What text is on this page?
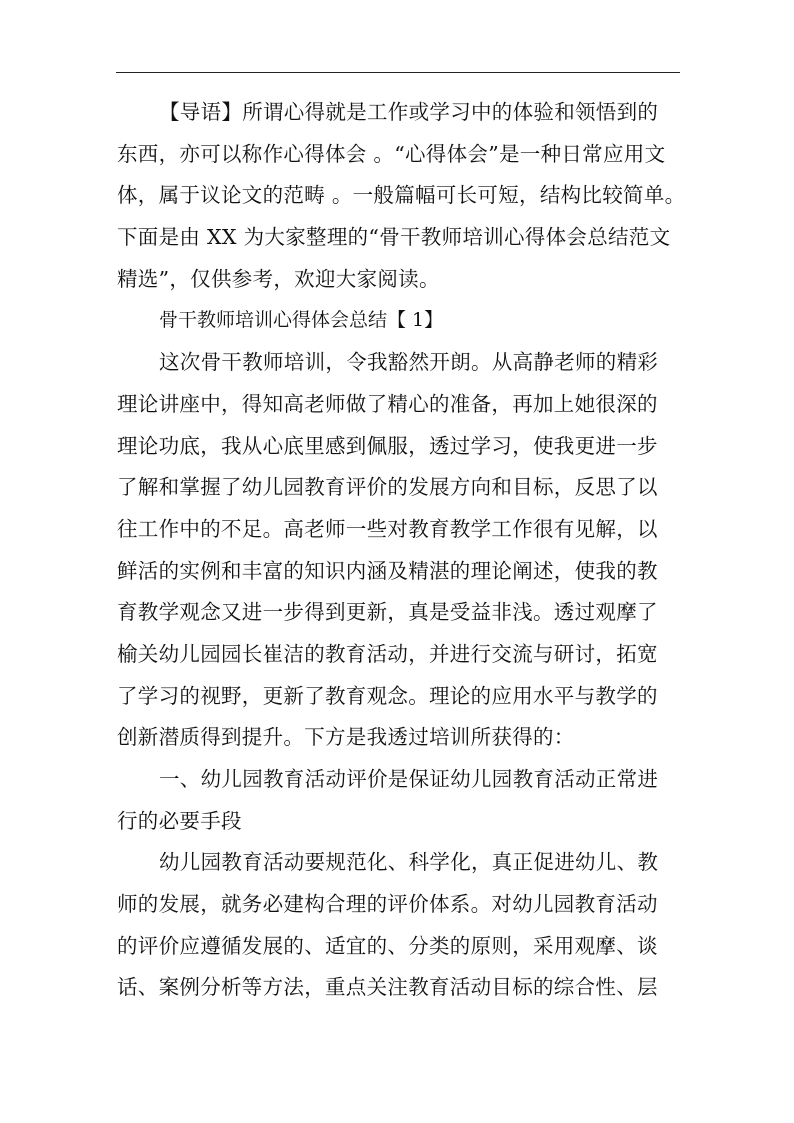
【导语】所谓心得就是工作或学习中的体验和领悟到的
东西，亦可以称作心得体会 。“心得体会”是一种日常应用文
体，属于议论文的范畴 。一般篇幅可长可短，结构比较简单。
下面是由 XX 为大家整理的“骨干教师培训心得体会总结范文
精选”，仅供参考，欢迎大家阅读。
骨干教师培训心得体会总结【 1】
这次骨干教师培训，令我豁然开朗。从高静老师的精彩
理论讲座中，得知高老师做了精心的准备，再加上她很深的
理论功底，我从心底里感到佩服，透过学习，使我更进一步
了解和掌握了幼儿园教育评价的发展方向和目标，反思了以
往工作中的不足。高老师一些对教育教学工作很有见解，以
鲜活的实例和丰富的知识内涵及精湛的理论阐述，使我的教
育教学观念又进一步得到更新，真是受益非浅。透过观摩了
榆关幼儿园园长崔洁的教育活动，并进行交流与研讨，拓宽
了学习的视野，更新了教育观念。理论的应用水平与教学的
创新潜质得到提升。下方是我透过培训所获得的：
一、幼儿园教育活动评价是保证幼儿园教育活动正常进
行的必要手段
幼儿园教育活动要规范化、科学化，真正促进幼儿、教
师的发展，就务必建构合理的评价体系。对幼儿园教育活动
的评价应遵循发展的、适宜的、分类的原则，采用观摩、谈
话、案例分析等方法，重点关注教育活动目标的综合性、层
